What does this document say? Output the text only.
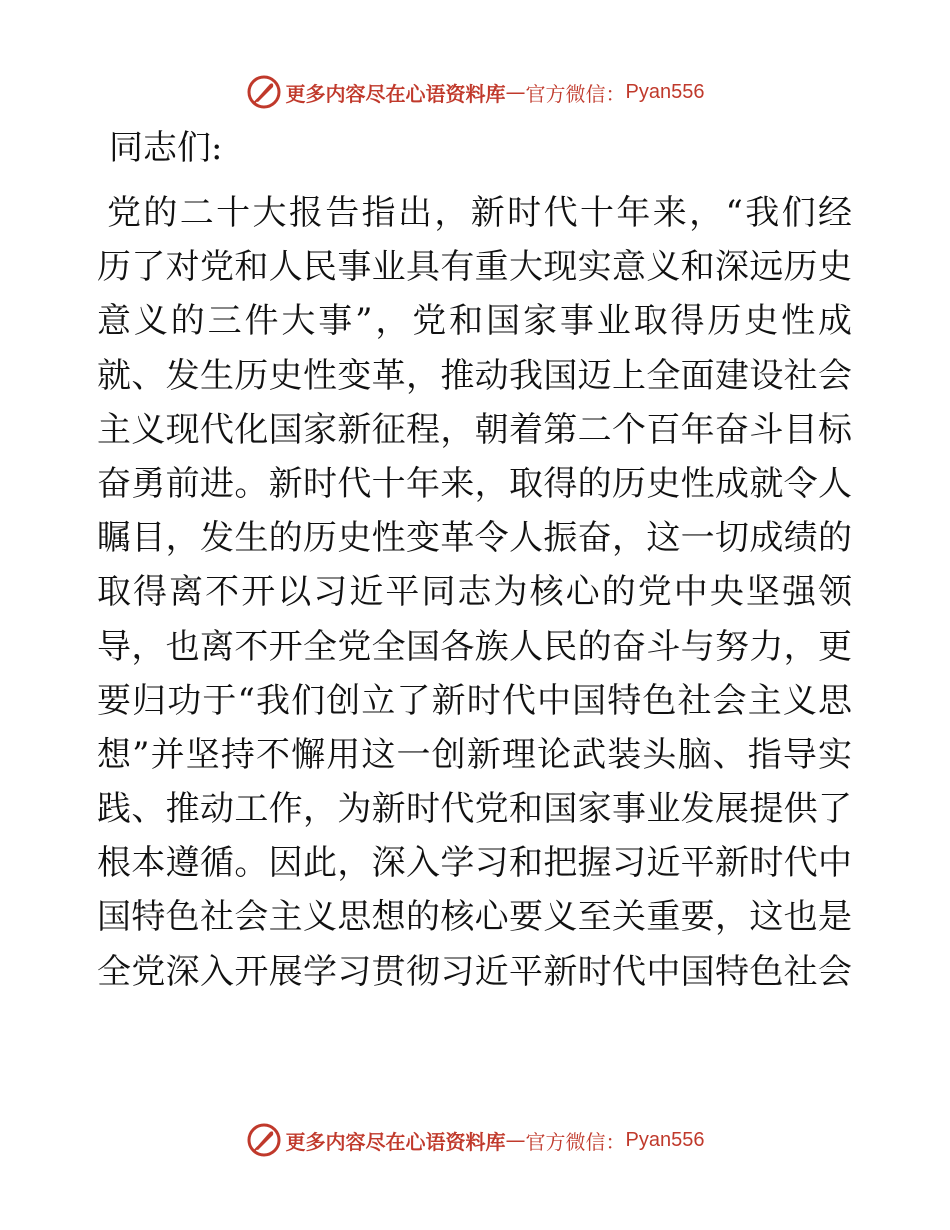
更多内容尽在心语资料库 — 官方微信： Pyan556
同志们:
党的二十大报告指出，新时代十年来，“我们经
历了对党和人民事业具有重大现实意义和深远历史
意义的三件大事”，党和国家事业取得历史性成
就、发生历史性变革，推动我国迈上全面建设社会
主义现代化国家新征程，朝着第二个百年奋斗目标
奋勇前进。新时代十年来，取得的历史性成就令人
瞩目，发生的历史性变革令人振奋，这一切成绩的
取得离不开以习近平同志为核心的党中央坚强领
导，也离不开全党全国各族人民的奋斗与努力，更
要归功于“我们创立了新时代中国特色社会主义思
想”并坚持不懈用这一创新理论武装头脑、指导实
践、推动工作，为新时代党和国家事业发展提供了
根本遵循。因此，深入学习和把握习近平新时代中
国特色社会主义思想的核心要义至关重要，这也是
全党深入开展学习贯彻习近平新时代中国特色社会
更多内容尽在心语资料库 — 官方微信： Pyan556
